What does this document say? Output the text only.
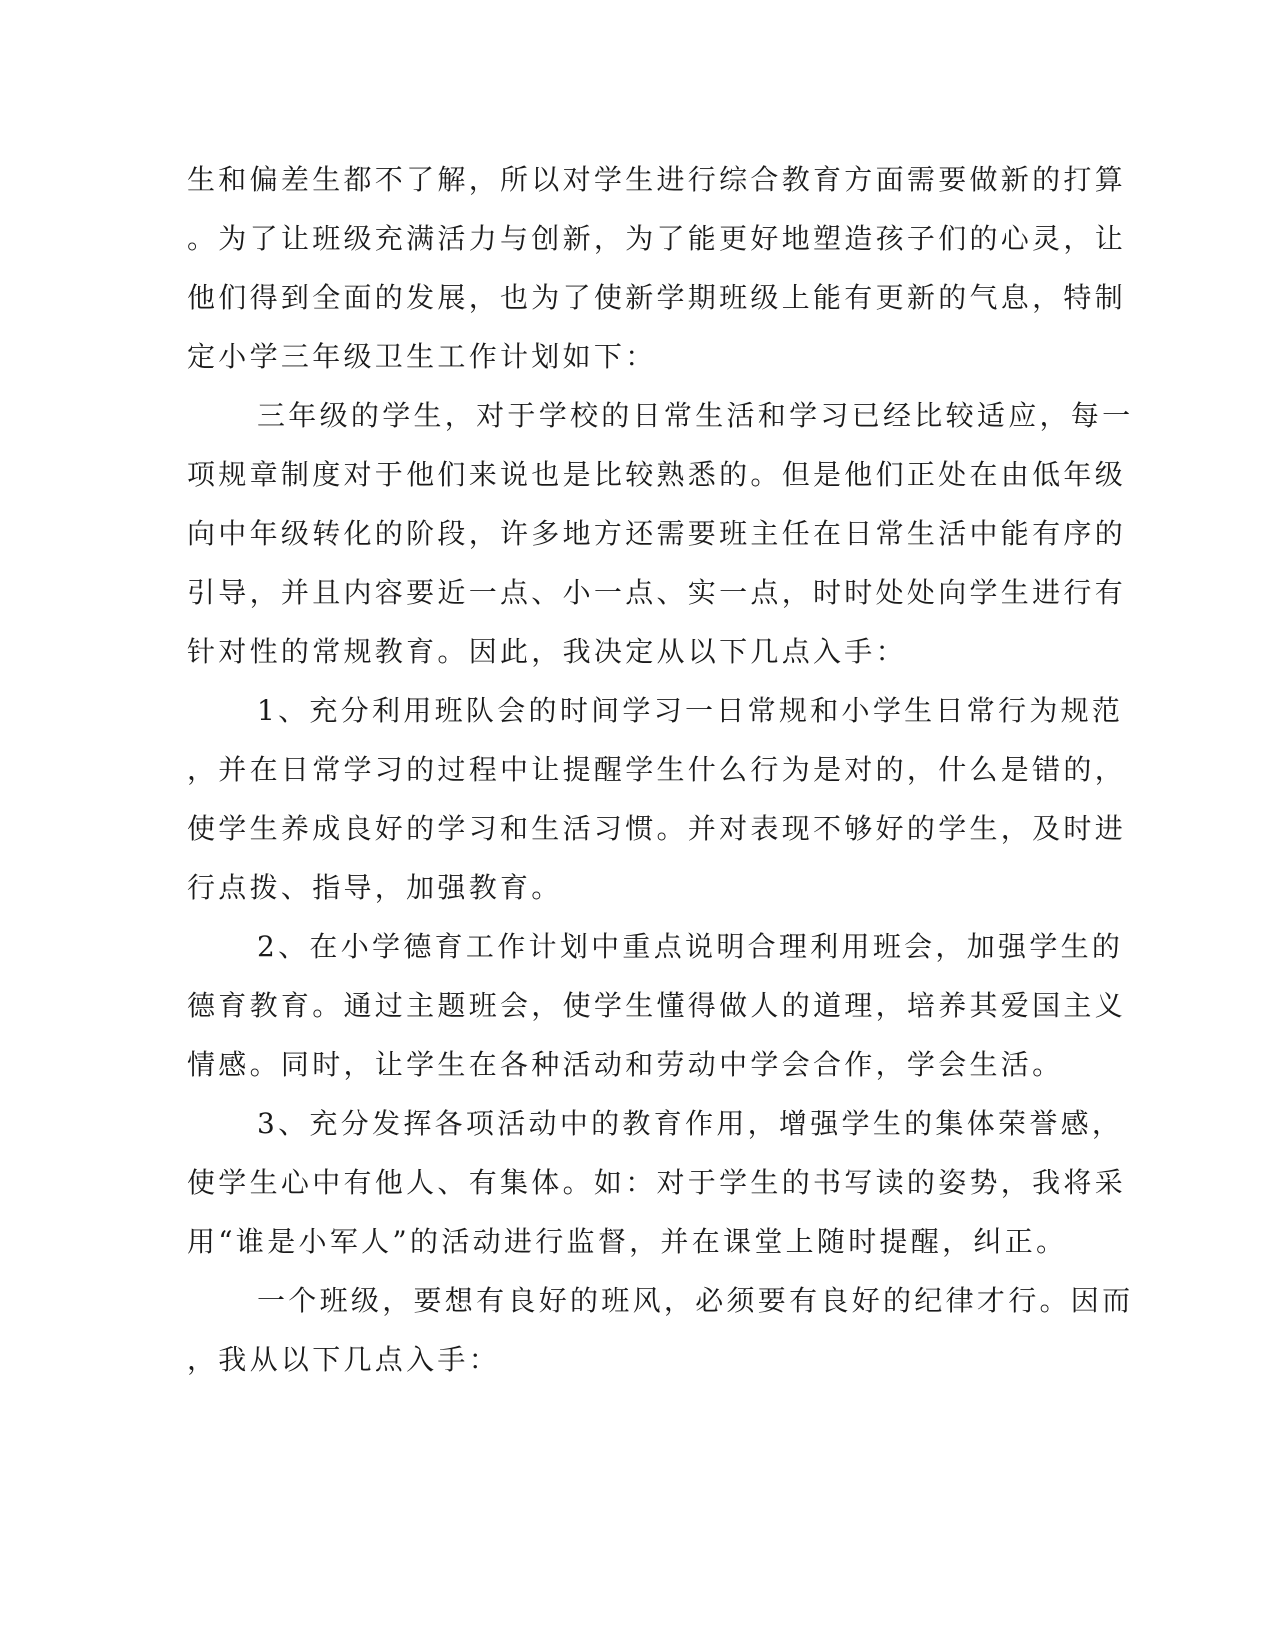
生和偏差生都不了解，所以对学生进行综合教育方面需要做新的打算
。为了让班级充满活力与创新，为了能更好地塑造孩子们的心灵，让
他们得到全面的发展，也为了使新学期班级上能有更新的气息，特制
定小学三年级卫生工作计划如下：
三年级的学生，对于学校的日常生活和学习已经比较适应，每一
项规章制度对于他们来说也是比较熟悉的。但是他们正处在由低年级
向中年级转化的阶段，许多地方还需要班主任在日常生活中能有序的
引导，并且内容要近一点、小一点、实一点，时时处处向学生进行有
针对性的常规教育。因此，我决定从以下几点入手：
1、充分利用班队会的时间学习一日常规和小学生日常行为规范
，并在日常学习的过程中让提醒学生什么行为是对的，什么是错的，
使学生养成良好的学习和生活习惯。并对表现不够好的学生，及时进
行点拨、指导，加强教育。
2、在小学德育工作计划中重点说明合理利用班会，加强学生的
德育教育。通过主题班会，使学生懂得做人的道理，培养其爱国主义
情感。同时，让学生在各种活动和劳动中学会合作，学会生活。
3、充分发挥各项活动中的教育作用，增强学生的集体荣誉感，
使学生心中有他人、有集体。如：对于学生的书写读的姿势，我将采
用“谁是小军人”的活动进行监督，并在课堂上随时提醒，纠正。
一个班级，要想有良好的班风，必须要有良好的纪律才行。因而
，我从以下几点入手：
